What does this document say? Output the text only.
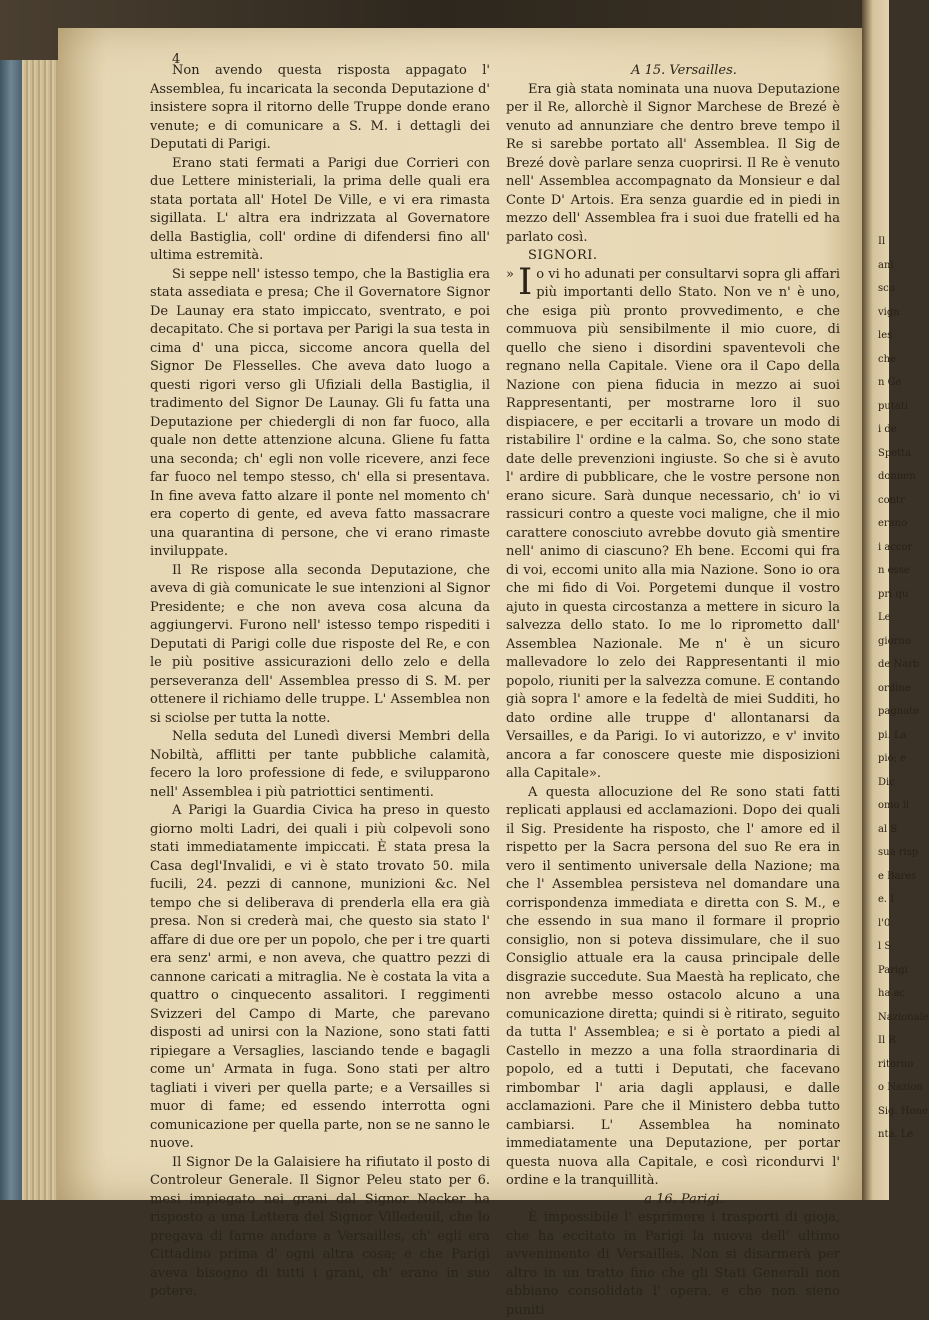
Il
ani
sco
vign
les
che
n Ge
putati
i de
Spetta
donnen
contr
erano
i accor
n esse
pri qu
Le
giorno
de Narb
ordine
pagnate
pi. La
pio; e
Dic
omo il
al S
sua risp
e Bares
e. I
l'0
l S
Parigi
ha ac
Nazionale
Il R
ritorno
o Nazion
Sig. Hone
nta. Le
4

Non avendo questa risposta appagato l' Assemblea, fu incaricata la seconda Deputazione d' insistere sopra il ritorno delle Truppe donde erano venute; e di comunicare a S. M. i dettagli dei Deputati di Parigi.

Erano stati fermati a Parigi due Corrieri con due Lettere ministeriali, la prima delle quali era stata portata all' Hotel De Ville, e vi era rimasta sigillata. L' altra era indrizzata al Governatore della Bastiglia, coll' ordine di difendersi fino all' ultima estremità.

Si seppe nell' istesso tempo, che la Bastiglia era stata assediata e presa; Che il Governatore Signor De Launay era stato impiccato, sventrato, e poi decapitato. Che si portava per Parigi la sua testa in cima d' una picca, siccome ancora quella del Signor De Flesselles. Che aveva dato luogo a questi rigori verso gli Ufiziali della Bastiglia, il tradimento del Signor De Launay. Gli fu fatta una Deputazione per chiedergli di non far fuoco, alla quale non dette attenzione alcuna. Gliene fu fatta una seconda; ch' egli non volle ricevere, anzi fece far fuoco nel tempo stesso, ch' ella si presentava. In fine aveva fatto alzare il ponte nel momento ch' era coperto di gente, ed aveva fatto massacrare una quarantina di persone, che vi erano rimaste inviluppate.

Il Re rispose alla seconda Deputazione, che aveva di già comunicate le sue intenzioni al Signor Presidente; e che non aveva cosa alcuna da aggiungervi. Furono nell' istesso tempo rispediti i Deputati di Parigi colle due risposte del Re, e con le più positive assicurazioni dello zelo e della perseveranza dell' Assemblea presso di S. M. per ottenere il richiamo delle truppe. L' Assemblea non si sciolse per tutta la notte.

Nella seduta del Lunedì diversi Membri della Nobiltà, afflitti per tante pubbliche calamità, fecero la loro professione di fede, e svilupparono nell' Assemblea i più patriottici sentimenti.

A Parigi la Guardia Civica ha preso in questo giorno molti Ladri, dei quali i più colpevoli sono stati immediatamente impiccati. È stata presa la Casa degl'Invalidi, e vi è stato trovato 50. mila fucili, 24. pezzi di cannone, munizioni &c. Nel tempo che si deliberava di prenderla ella era già presa. Non si crederà mai, che questo sia stato l' affare di due ore per un popolo, che per i tre quarti era senz' armi, e non aveva, che quattro pezzi di cannone caricati a mitraglia. Ne è costata la vita a quattro o cinquecento assalitori. I reggimenti Svizzeri del Campo di Marte, che parevano disposti ad unirsi con la Nazione, sono stati fatti ripiegare a Versaglies, lasciando tende e bagagli come un' Armata in fuga. Sono stati per altro tagliati i viveri per quella parte; e a Versailles si muor di fame; ed essendo interrotta ogni comunicazione per quella parte, non se ne sanno le nuove.

Il Signor De la Galaisiere ha rifiutato il posto di Controleur Generale. Il Signor Peleu stato per 6. mesi impiegato nei grani dal Signor Necker ha risposto a una Lettera del Signor Villedeuil, che lo pregava di farne andare a Versailles, ch' egli era Cittadino prima d' ogni altra cosa; e che Parigi aveva bisogno di tutti i grani, ch' erano in suo potere.

A 15. Versailles.

Era già stata nominata una nuova Deputazione per il Re, allorchè il Signor Marchese de Brezé è venuto ad annunziare che dentro breve tempo il Re si sarebbe portato all' Assemblea. Il Sig de Brezé dovè parlare senza cuoprirsi. Il Re è venuto nell' Assemblea accompagnato da Monsieur e dal Conte D' Artois. Era senza guardie ed in piedi in mezzo dell' Assemblea fra i suoi due fratelli ed ha parlato così.

SIGNORI.

» I o vi ho adunati per consultarvi sopra gli affari più importanti dello Stato. Non ve n' è uno, che esiga più pronto provvedimento, e che commuova più sensibilmente il mio cuore, di quello che sieno i disordini spaventevoli che regnano nella Capitale. Viene ora il Capo della Nazione con piena fiducia in mezzo ai suoi Rappresentanti, per mostrarne loro il suo dispiacere, e per eccitarli a trovare un modo di ristabilire l' ordine e la calma. So, che sono state date delle prevenzioni ingiuste. So che si è avuto l' ardire di pubblicare, che le vostre persone non erano sicure. Sarà dunque necessario, ch' io vi rassicuri contro a queste voci maligne, che il mio carattere conosciuto avrebbe dovuto già smentire nell' animo di ciascuno? Eh bene. Eccomi qui fra di voi, eccomi unito alla mia Nazione. Sono io ora che mi fido di Voi. Porgetemi dunque il vostro ajuto in questa circostanza a mettere in sicuro la salvezza dello stato. Io me lo riprometto dall' Assemblea Nazionale. Me n' è un sicuro mallevadore lo zelo dei Rappresentanti il mio popolo, riuniti per la salvezza comune. E contando già sopra l' amore e la fedeltà de miei Sudditi, ho dato ordine alle truppe d' allontanarsi da Versailles, e da Parigi. Io vi autorizzo, e v' invito ancora a far conoscere queste mie disposizioni alla Capitale».

A questa allocuzione del Re sono stati fatti replicati applausi ed acclamazioni. Dopo dei quali il Sig. Presidente ha risposto, che l' amore ed il rispetto per la Sacra persona del suo Re era in vero il sentimento universale della Nazione; ma che l' Assemblea persisteva nel domandare una corrispondenza immediata e diretta con S. M., e che essendo in sua mano il formare il proprio consiglio, non si poteva dissimulare, che il suo Consiglio attuale era la causa principale delle disgrazie succedute. Sua Maestà ha replicato, che non avrebbe messo ostacolo alcuno a una comunicazione diretta; quindi si è ritirato, seguito da tutta l' Assemblea; e si è portato a piedi al Castello in mezzo a una folla straordinaria di popolo, ed a tutti i Deputati, che facevano rimbombar l' aria dagli applausi, e dalle acclamazioni. Pare che il Ministero debba tutto cambiarsi. L' Assemblea ha nominato immediatamente una Deputazione, per portar questa nuova alla Capitale, e così ricondurvi l' ordine e la tranquillità.

a 16. Parigi.

È impossibile l' esprimere i trasporti di gioja, che ha eccitato in Parigi la nuova dell' ultimo avvenimento di Versailles. Non si disarmerà per altro in un tratto fino che gli Stati Generali non abbiano consolidata l' opera, e che non sieno puniti
